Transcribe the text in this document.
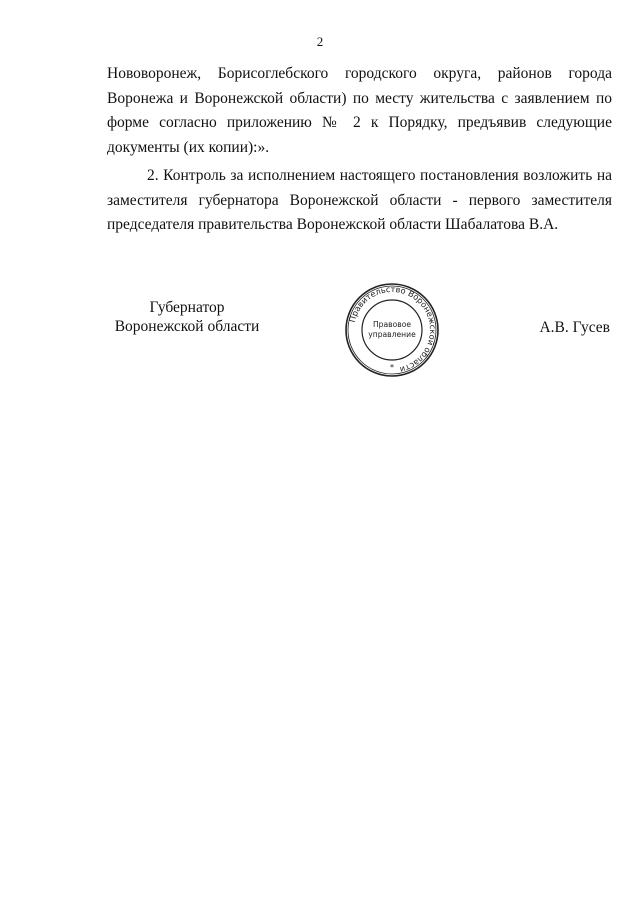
2

Нововоронеж, Борисоглебского городского округа, районов города Воронежа и Воронежской области) по месту жительства с заявлением по форме согласно приложению № 2 к Порядку, предъявив следующие документы (их копии):».

2. Контроль за исполнением настоящего постановления возложить на заместителя губернатора Воронежской области - первого заместителя председателя правительства Воронежской области Шабалатова В.А.

Губернатор
Воронежской области	Правительство Воронежской области
Правовое
управление
*
А.В. Гусев
